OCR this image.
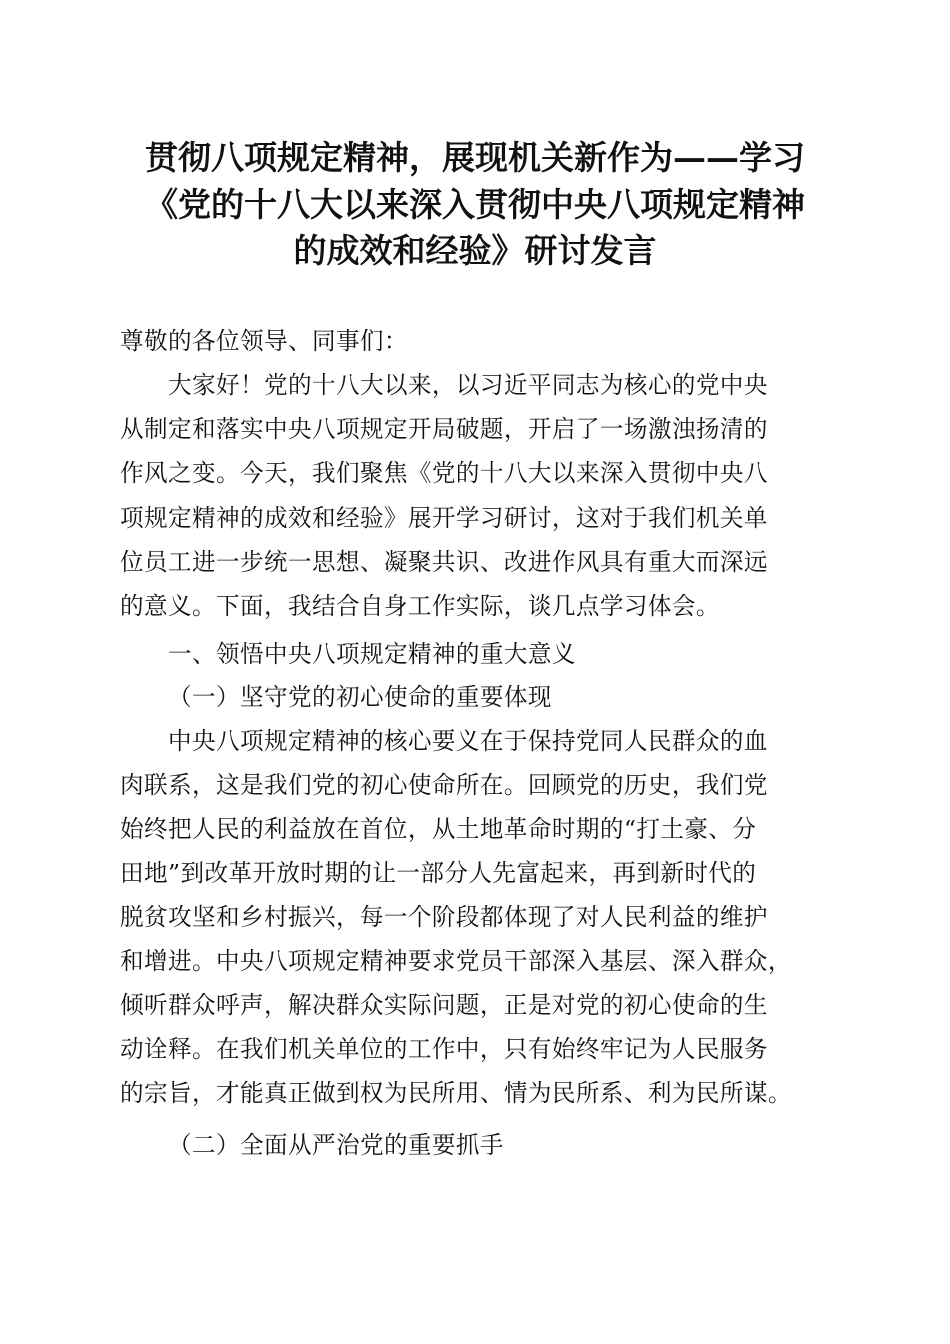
贯彻八项规定精神，展现机关新作为——学习
《党的十八大以来深入贯彻中央八项规定精神
的成效和经验》研讨发言
尊敬的各位领导、同事们：
大家好！党的十八大以来，以习近平同志为核心的党中央
从制定和落实中央八项规定开局破题，开启了一场激浊扬清的
作风之变。今天，我们聚焦《党的十八大以来深入贯彻中央八
项规定精神的成效和经验》展开学习研讨，这对于我们机关单
位员工进一步统一思想、凝聚共识、改进作风具有重大而深远
的意义。下面，我结合自身工作实际，谈几点学习体会。
一、领悟中央八项规定精神的重大意义
（一）坚守党的初心使命的重要体现
中央八项规定精神的核心要义在于保持党同人民群众的血
肉联系，这是我们党的初心使命所在。回顾党的历史，我们党
始终把人民的利益放在首位，从土地革命时期的“打土豪、分
田地”到改革开放时期的让一部分人先富起来，再到新时代的
脱贫攻坚和乡村振兴，每一个阶段都体现了对人民利益的维护
和增进。中央八项规定精神要求党员干部深入基层、深入群众，
倾听群众呼声，解决群众实际问题，正是对党的初心使命的生
动诠释。在我们机关单位的工作中，只有始终牢记为人民服务
的宗旨，才能真正做到权为民所用、情为民所系、利为民所谋。
（二）全面从严治党的重要抓手
